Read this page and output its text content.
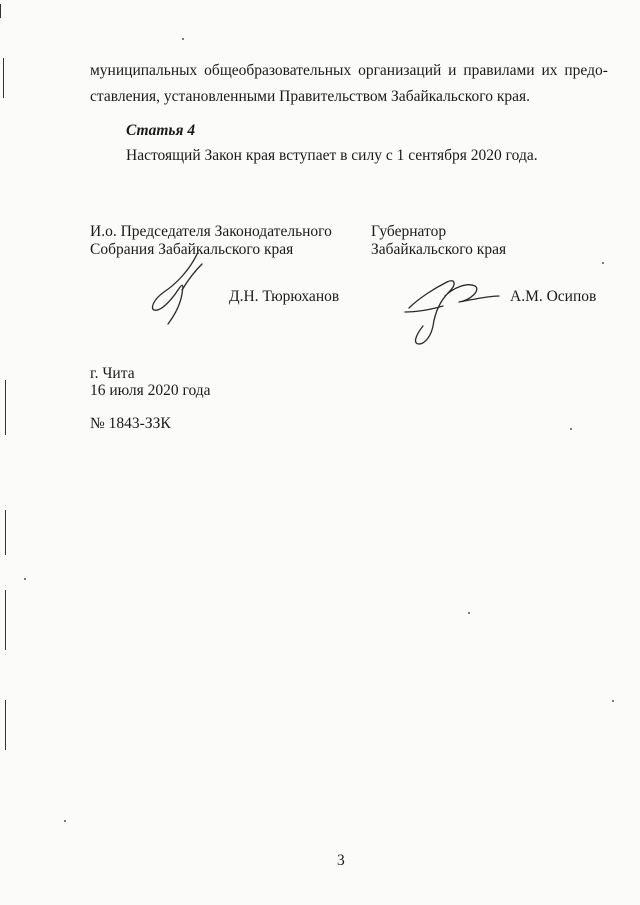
муниципальных общеобразовательных организаций и правилами их предо-
ставления, установленными Правительством Забайкальского края.
Статья 4
Настоящий Закон края вступает в силу с 1 сентября 2020 года.
И.о. Председателя Законодательного
Собрания Забайкальского края
Д.Н. Тюрюханов
Губернатор
Забайкальского края
А.М. Осипов
г. Чита
16 июля 2020 года
№ 1843-ЗЗК
3
